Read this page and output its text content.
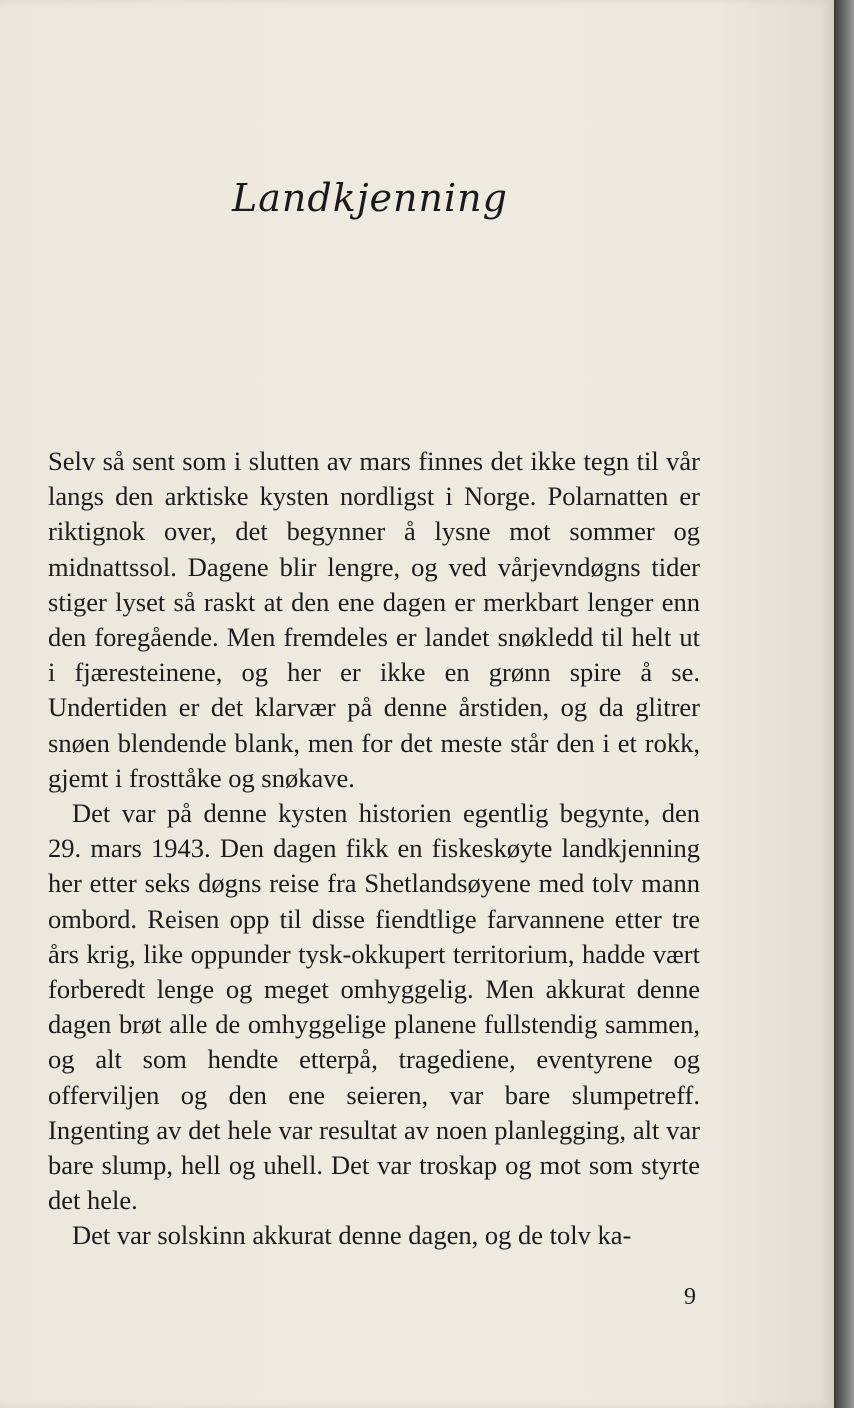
Landkjenning

Selv så sent som i slutten av mars finnes det ikke tegn til vår langs den arktiske kysten nordligst i Norge. Polarnatten er riktignok over, det begynner å lysne mot sommer og midnattssol. Dagene blir lengre, og ved vårjevndøgns tider stiger lyset så raskt at den ene dagen er merkbart lenger enn den foregående. Men fremdeles er landet snøkledd til helt ut i fjæresteinene, og her er ikke en grønn spire å se. Undertiden er det klarvær på denne årstiden, og da glitrer snøen blendende blank, men for det meste står den i et rokk, gjemt i frosttåke og snøkave.

Det var på denne kysten historien egentlig begynte, den 29. mars 1943. Den dagen fikk en fiskeskøyte landkjenning her etter seks døgns reise fra Shetlandsøyene med tolv mann ombord. Reisen opp til disse fiendtlige farvannene etter tre års krig, like oppunder tysk-okkupert territorium, hadde vært forberedt lenge og meget omhyggelig. Men akkurat denne dagen brøt alle de omhyggelige planene fullstendig sammen, og alt som hendte etterpå, tragediene, eventyrene og offerviljen og den ene seieren, var bare slumpetreff. Ingenting av det hele var resultat av noen planlegging, alt var bare slump, hell og uhell. Det var troskap og mot som styrte det hele.

Det var solskinn akkurat denne dagen, og de tolv ka-

9
